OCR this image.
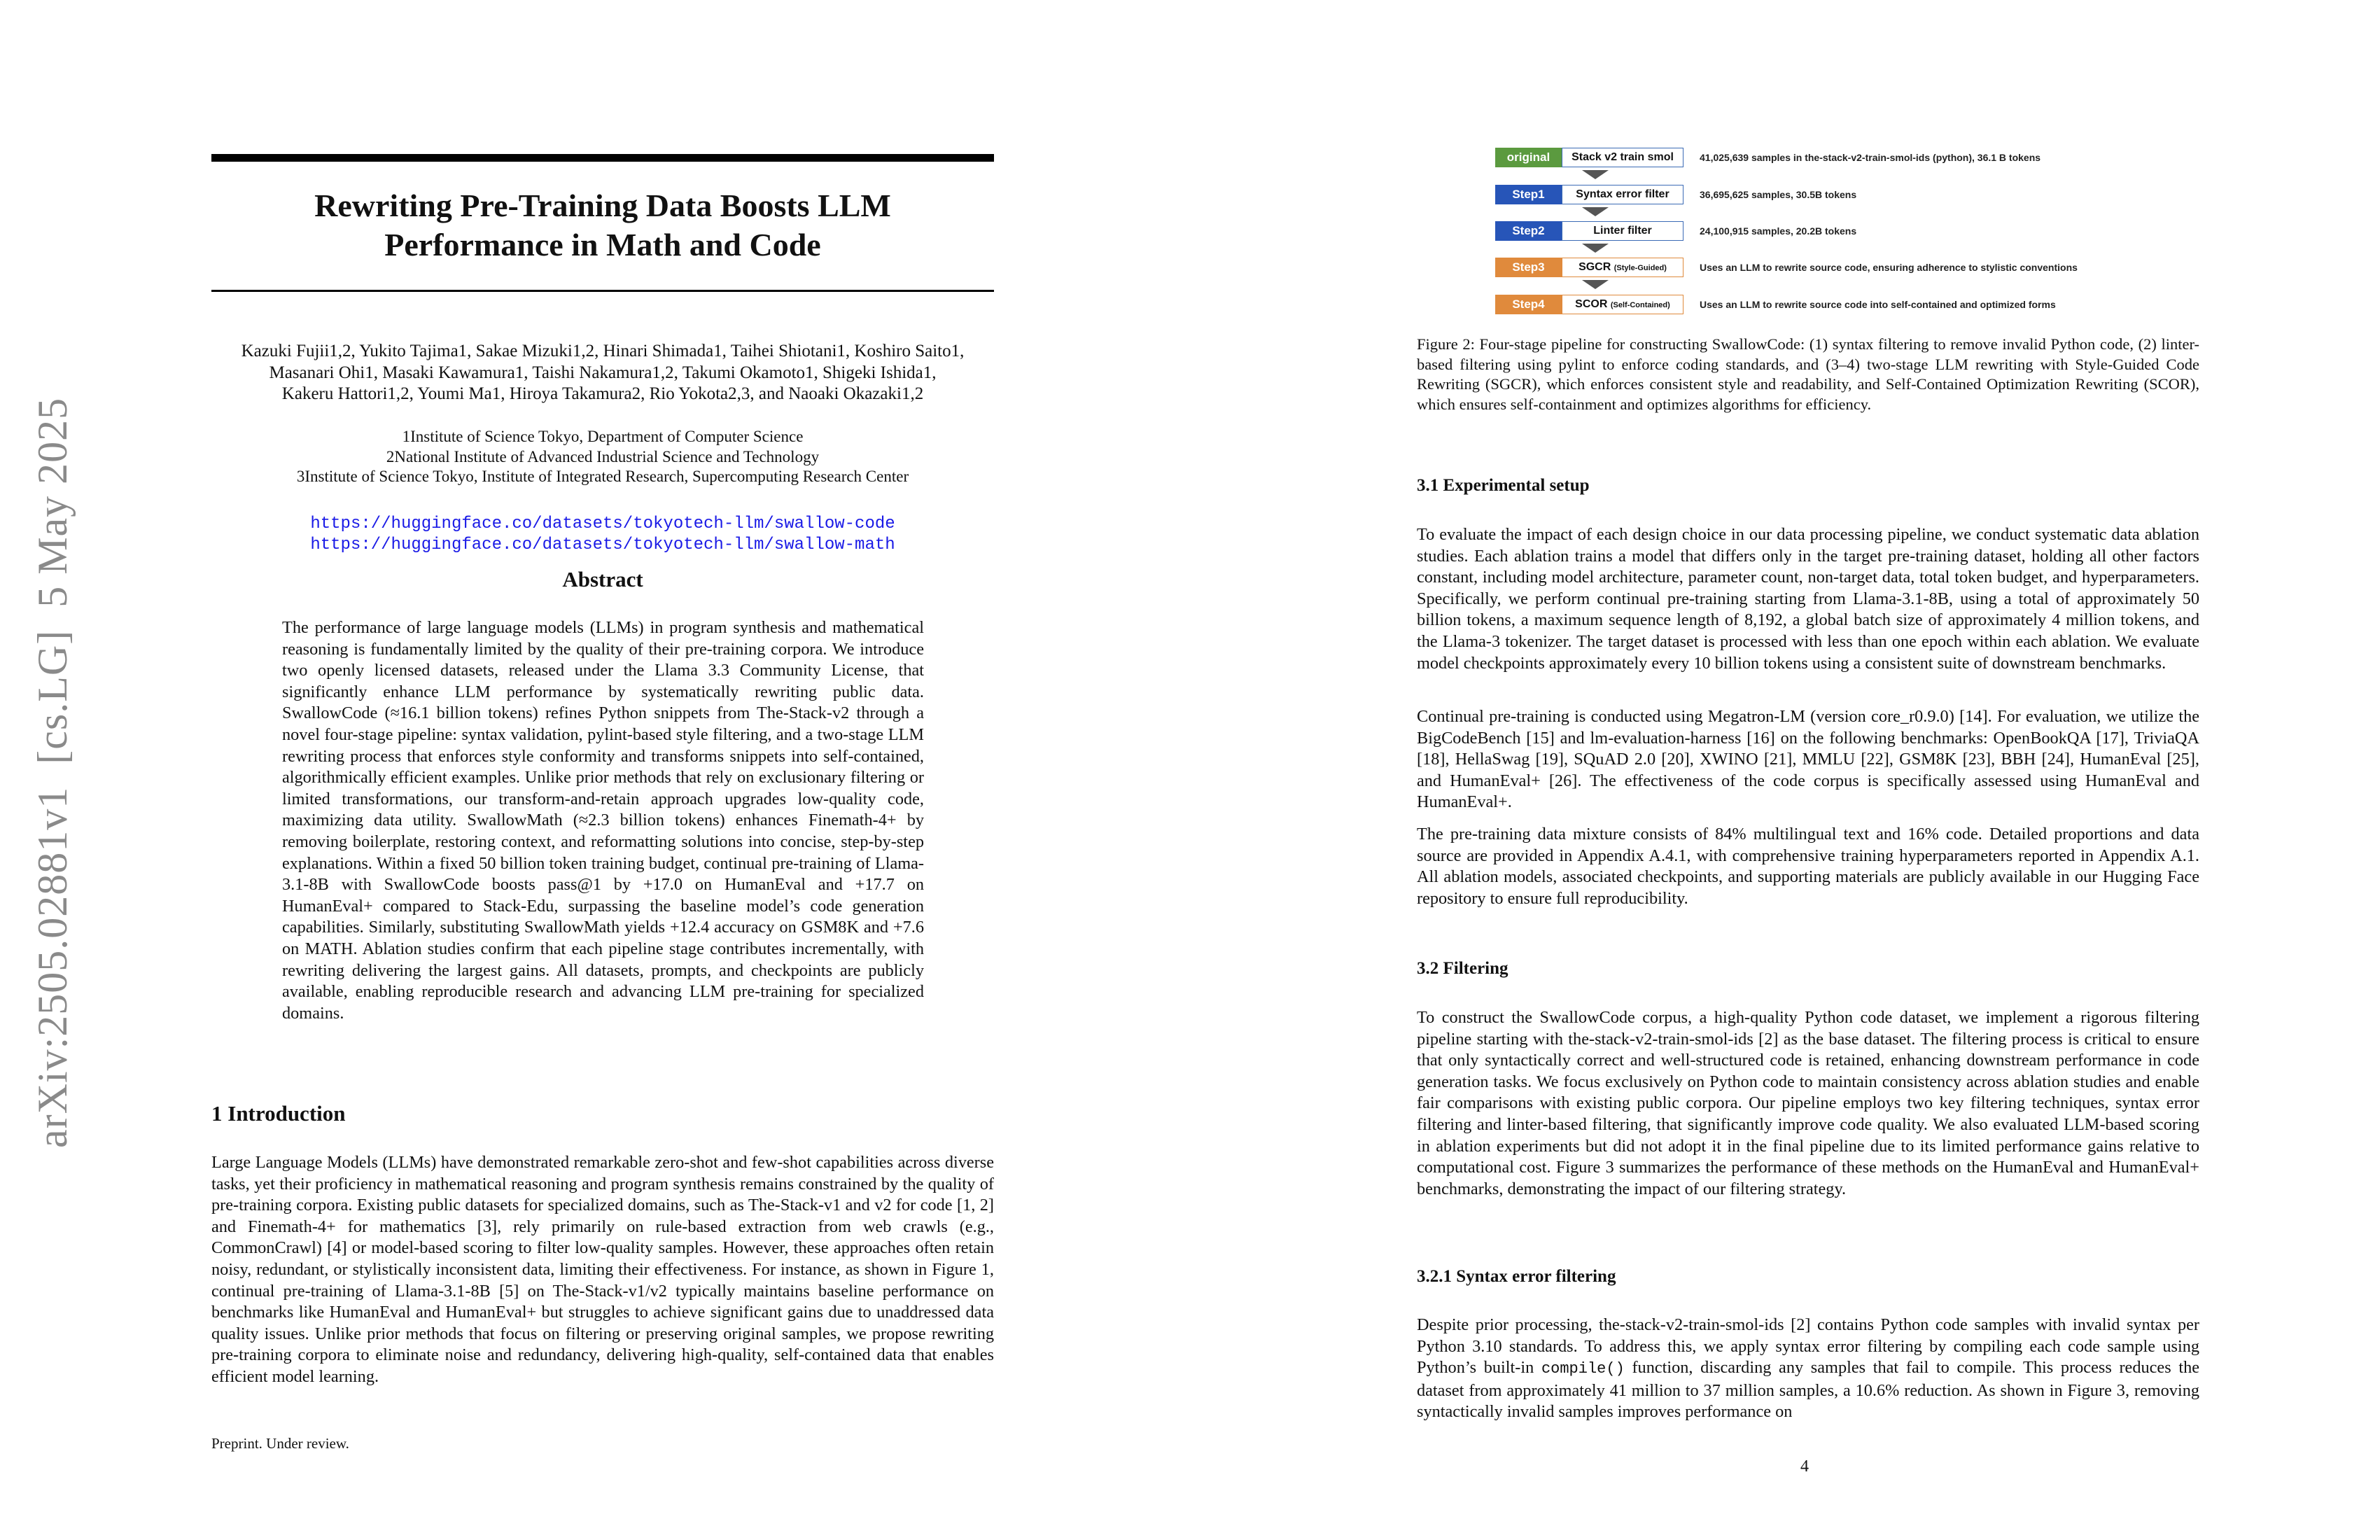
arXiv:2505.02881v1  [cs.LG]  5 May 2025
Rewriting Pre-Training Data Boosts LLM
Performance in Math and Code
Kazuki Fujii1,2, Yukito Tajima1, Sakae Mizuki1,2, Hinari Shimada1, Taihei Shiotani1, Koshiro Saito1,
Masanari Ohi1, Masaki Kawamura1, Taishi Nakamura1,2, Takumi Okamoto1, Shigeki Ishida1,
Kakeru Hattori1,2, Youmi Ma1, Hiroya Takamura2, Rio Yokota2,3, and Naoaki Okazaki1,2
1Institute of Science Tokyo, Department of Computer Science
2National Institute of Advanced Industrial Science and Technology
3Institute of Science Tokyo, Institute of Integrated Research, Supercomputing Research Center
https://huggingface.co/datasets/tokyotech-llm/swallow-code
https://huggingface.co/datasets/tokyotech-llm/swallow-math
Abstract
The performance of large language models (LLMs) in program synthesis and mathematical reasoning is fundamentally limited by the quality of their pre-training corpora. We introduce two openly licensed datasets, released under the Llama 3.3 Community License, that significantly enhance LLM performance by systematically rewriting public data. SwallowCode (≈16.1 billion tokens) refines Python snippets from The-Stack-v2 through a novel four-stage pipeline: syntax validation, pylint-based style filtering, and a two-stage LLM rewriting process that enforces style conformity and transforms snippets into self-contained, algorithmically efficient examples. Unlike prior methods that rely on exclusionary filtering or limited transformations, our transform-and-retain approach upgrades low-quality code, maximizing data utility. SwallowMath (≈2.3 billion tokens) enhances Finemath-4+ by removing boilerplate, restoring context, and reformatting solutions into concise, step-by-step explanations. Within a fixed 50 billion token training budget, continual pre-training of Llama-3.1-8B with SwallowCode boosts pass@1 by +17.0 on HumanEval and +17.7 on HumanEval+ compared to Stack-Edu, surpassing the baseline model’s code generation capabilities. Similarly, substituting SwallowMath yields +12.4 accuracy on GSM8K and +7.6 on MATH. Ablation studies confirm that each pipeline stage contributes incrementally, with rewriting delivering the largest gains. All datasets, prompts, and checkpoints are publicly available, enabling reproducible research and advancing LLM pre-training for specialized domains.
1 Introduction
Large Language Models (LLMs) have demonstrated remarkable zero-shot and few-shot capabilities across diverse tasks, yet their proficiency in mathematical reasoning and program synthesis remains constrained by the quality of pre-training corpora. Existing public datasets for specialized domains, such as The-Stack-v1 and v2 for code [1, 2] and Finemath-4+ for mathematics [3], rely primarily on rule-based extraction from web crawls (e.g., CommonCrawl) [4] or model-based scoring to filter low-quality samples. However, these approaches often retain noisy, redundant, or stylistically inconsistent data, limiting their effectiveness. For instance, as shown in Figure 1, continual pre-training of Llama-3.1-8B [5] on The-Stack-v1/v2 typically maintains baseline performance on benchmarks like HumanEval and HumanEval+ but struggles to achieve significant gains due to unaddressed data quality issues. Unlike prior methods that focus on filtering or preserving original samples, we propose rewriting pre-training corpora to eliminate noise and redundancy, delivering high-quality, self-contained data that enables efficient model learning.
Preprint. Under review.
original	Stack v2 train smol	41,025,639 samples in the-stack-v2-train-smol-ids (python), 36.1 B tokens
Step1	Syntax error filter	36,695,625 samples, 30.5B tokens
Step2	Linter filter	24,100,915 samples, 20.2B tokens
Step3	SGCR (Style-Guided)	Uses an LLM to rewrite source code, ensuring adherence to stylistic conventions
Step4	SCOR (Self-Contained)	Uses an LLM to rewrite source code into self-contained and optimized forms
Figure 2: Four-stage pipeline for constructing SwallowCode: (1) syntax filtering to remove invalid Python code, (2) linter-based filtering using pylint to enforce coding standards, and (3–4) two-stage LLM rewriting with Style-Guided Code Rewriting (SGCR), which enforces consistent style and readability, and Self-Contained Optimization Rewriting (SCOR), which ensures self-containment and optimizes algorithms for efficiency.
3.1 Experimental setup
To evaluate the impact of each design choice in our data processing pipeline, we conduct systematic data ablation studies. Each ablation trains a model that differs only in the target pre-training dataset, holding all other factors constant, including model architecture, parameter count, non-target data, total token budget, and hyperparameters. Specifically, we perform continual pre-training starting from Llama-3.1-8B, using a total of approximately 50 billion tokens, a maximum sequence length of 8,192, a global batch size of approximately 4 million tokens, and the Llama-3 tokenizer. The target dataset is processed with less than one epoch within each ablation. We evaluate model checkpoints approximately every 10 billion tokens using a consistent suite of downstream benchmarks.
Continual pre-training is conducted using Megatron-LM (version core_r0.9.0) [14]. For evaluation, we utilize the BigCodeBench [15] and lm-evaluation-harness [16] on the following benchmarks: OpenBookQA [17], TriviaQA [18], HellaSwag [19], SQuAD 2.0 [20], XWINO [21], MMLU [22], GSM8K [23], BBH [24], HumanEval [25], and HumanEval+ [26]. The effectiveness of the code corpus is specifically assessed using HumanEval and HumanEval+.
The pre-training data mixture consists of 84% multilingual text and 16% code. Detailed proportions and data source are provided in Appendix A.4.1, with comprehensive training hyperparameters reported in Appendix A.1. All ablation models, associated checkpoints, and supporting materials are publicly available in our Hugging Face repository to ensure full reproducibility.
3.2 Filtering
To construct the SwallowCode corpus, a high-quality Python code dataset, we implement a rigorous filtering pipeline starting with the-stack-v2-train-smol-ids [2] as the base dataset. The filtering process is critical to ensure that only syntactically correct and well-structured code is retained, enhancing downstream performance in code generation tasks. We focus exclusively on Python code to maintain consistency across ablation studies and enable fair comparisons with existing public corpora. Our pipeline employs two key filtering techniques, syntax error filtering and linter-based filtering, that significantly improve code quality. We also evaluated LLM-based scoring in ablation experiments but did not adopt it in the final pipeline due to its limited performance gains relative to computational cost. Figure 3 summarizes the performance of these methods on the HumanEval and HumanEval+ benchmarks, demonstrating the impact of our filtering strategy.
3.2.1 Syntax error filtering
Despite prior processing, the-stack-v2-train-smol-ids [2] contains Python code samples with invalid syntax per Python 3.10 standards. To address this, we apply syntax error filtering by compiling each code sample using Python’s built-in compile() function, discarding any samples that fail to compile. This process reduces the dataset from approximately 41 million to 37 million samples, a 10.6% reduction. As shown in Figure 3, removing syntactically invalid samples improves performance on
4
